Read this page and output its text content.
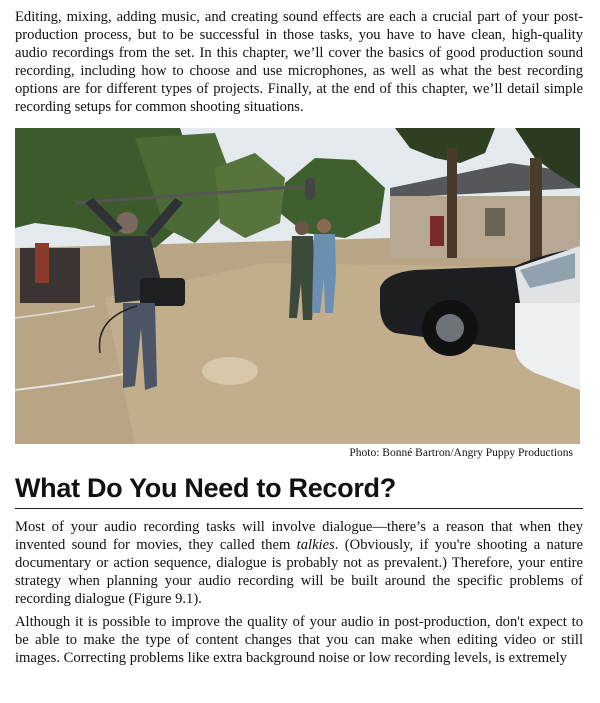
Editing, mixing, adding music, and creating sound effects are each a crucial part of your post-production process, but to be successful in those tasks, you have to have clean, high-quality audio recordings from the set. In this chapter, we’ll cover the basics of good production sound recording, including how to choose and use microphones, as well as what the best recording options are for different types of projects. Finally, at the end of this chapter, we’ll detail simple recording setups for common shooting situations.

Photo: Bonné Bartron/Angry Puppy Productions
What Do You Need to Record?

Most of your audio recording tasks will involve dialogue—there’s a reason that when they invented sound for movies, they called them talkies. (Obviously, if you're shooting a nature documentary or action sequence, dialogue is probably not as prevalent.) Therefore, your entire strategy when planning your audio recording will be built around the specific problems of recording dialogue (Figure 9.1).

Although it is possible to improve the quality of your audio in post-production, don't expect to be able to make the type of content changes that you can make when editing video or still images. Correcting problems like extra background noise or low recording levels, is extremely
